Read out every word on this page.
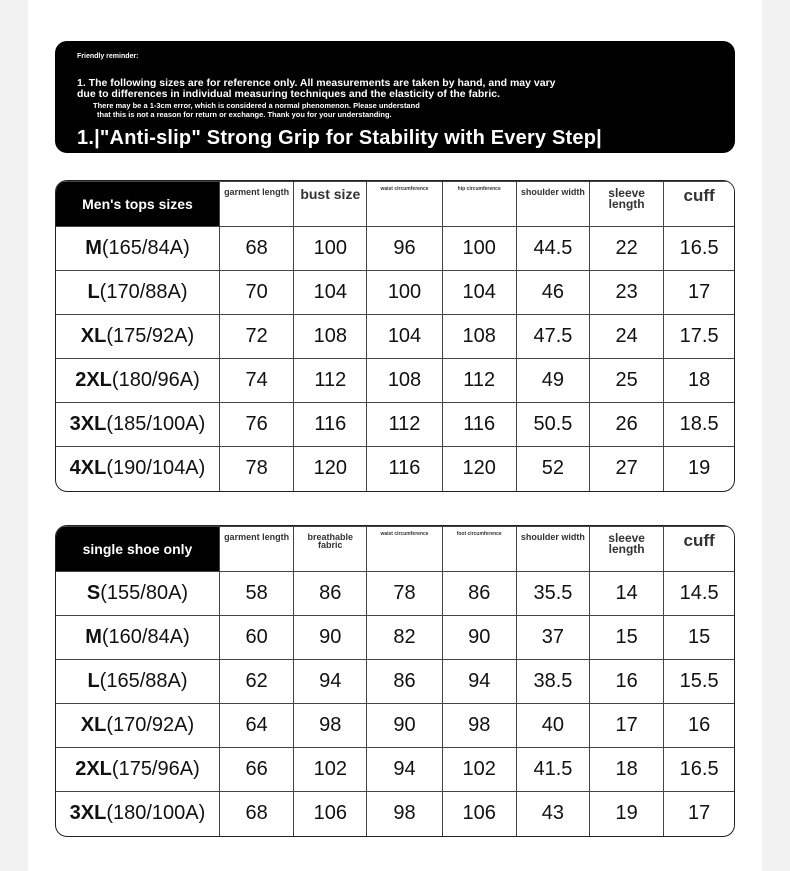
Friendly reminder:
1. The following sizes are for reference only. All measurements are taken by hand, and may vary
due to differences in individual measuring techniques and the elasticity of the fabric.
There may be a 1-3cm error, which is considered a normal phenomenon. Please understand
that this is not a reason for return or exchange. Thank you for your understanding.
1.|"Anti-slip" Strong Grip for Stability with Every Step|
Men's tops sizes	garment length	bust size	waist circumference	hip circumference	shoulder width	sleeve length	cuff

M(165/84A)	68	100	96	100	44.5	22	16.5
L(170/88A)	70	104	100	104	46	23	17
XL(175/92A)	72	108	104	108	47.5	24	17.5
2XL(180/96A)	74	112	108	112	49	25	18
3XL(185/100A)	76	116	112	116	50.5	26	18.5
4XL(190/104A)	78	120	116	120	52	27	19
single shoe only	garment length	breathable fabric	waist circumference	foot circumference	shoulder width	sleeve length	cuff

S(155/80A)	58	86	78	86	35.5	14	14.5
M(160/84A)	60	90	82	90	37	15	15
L(165/88A)	62	94	86	94	38.5	16	15.5
XL(170/92A)	64	98	90	98	40	17	16
2XL(175/96A)	66	102	94	102	41.5	18	16.5
3XL(180/100A)	68	106	98	106	43	19	17
